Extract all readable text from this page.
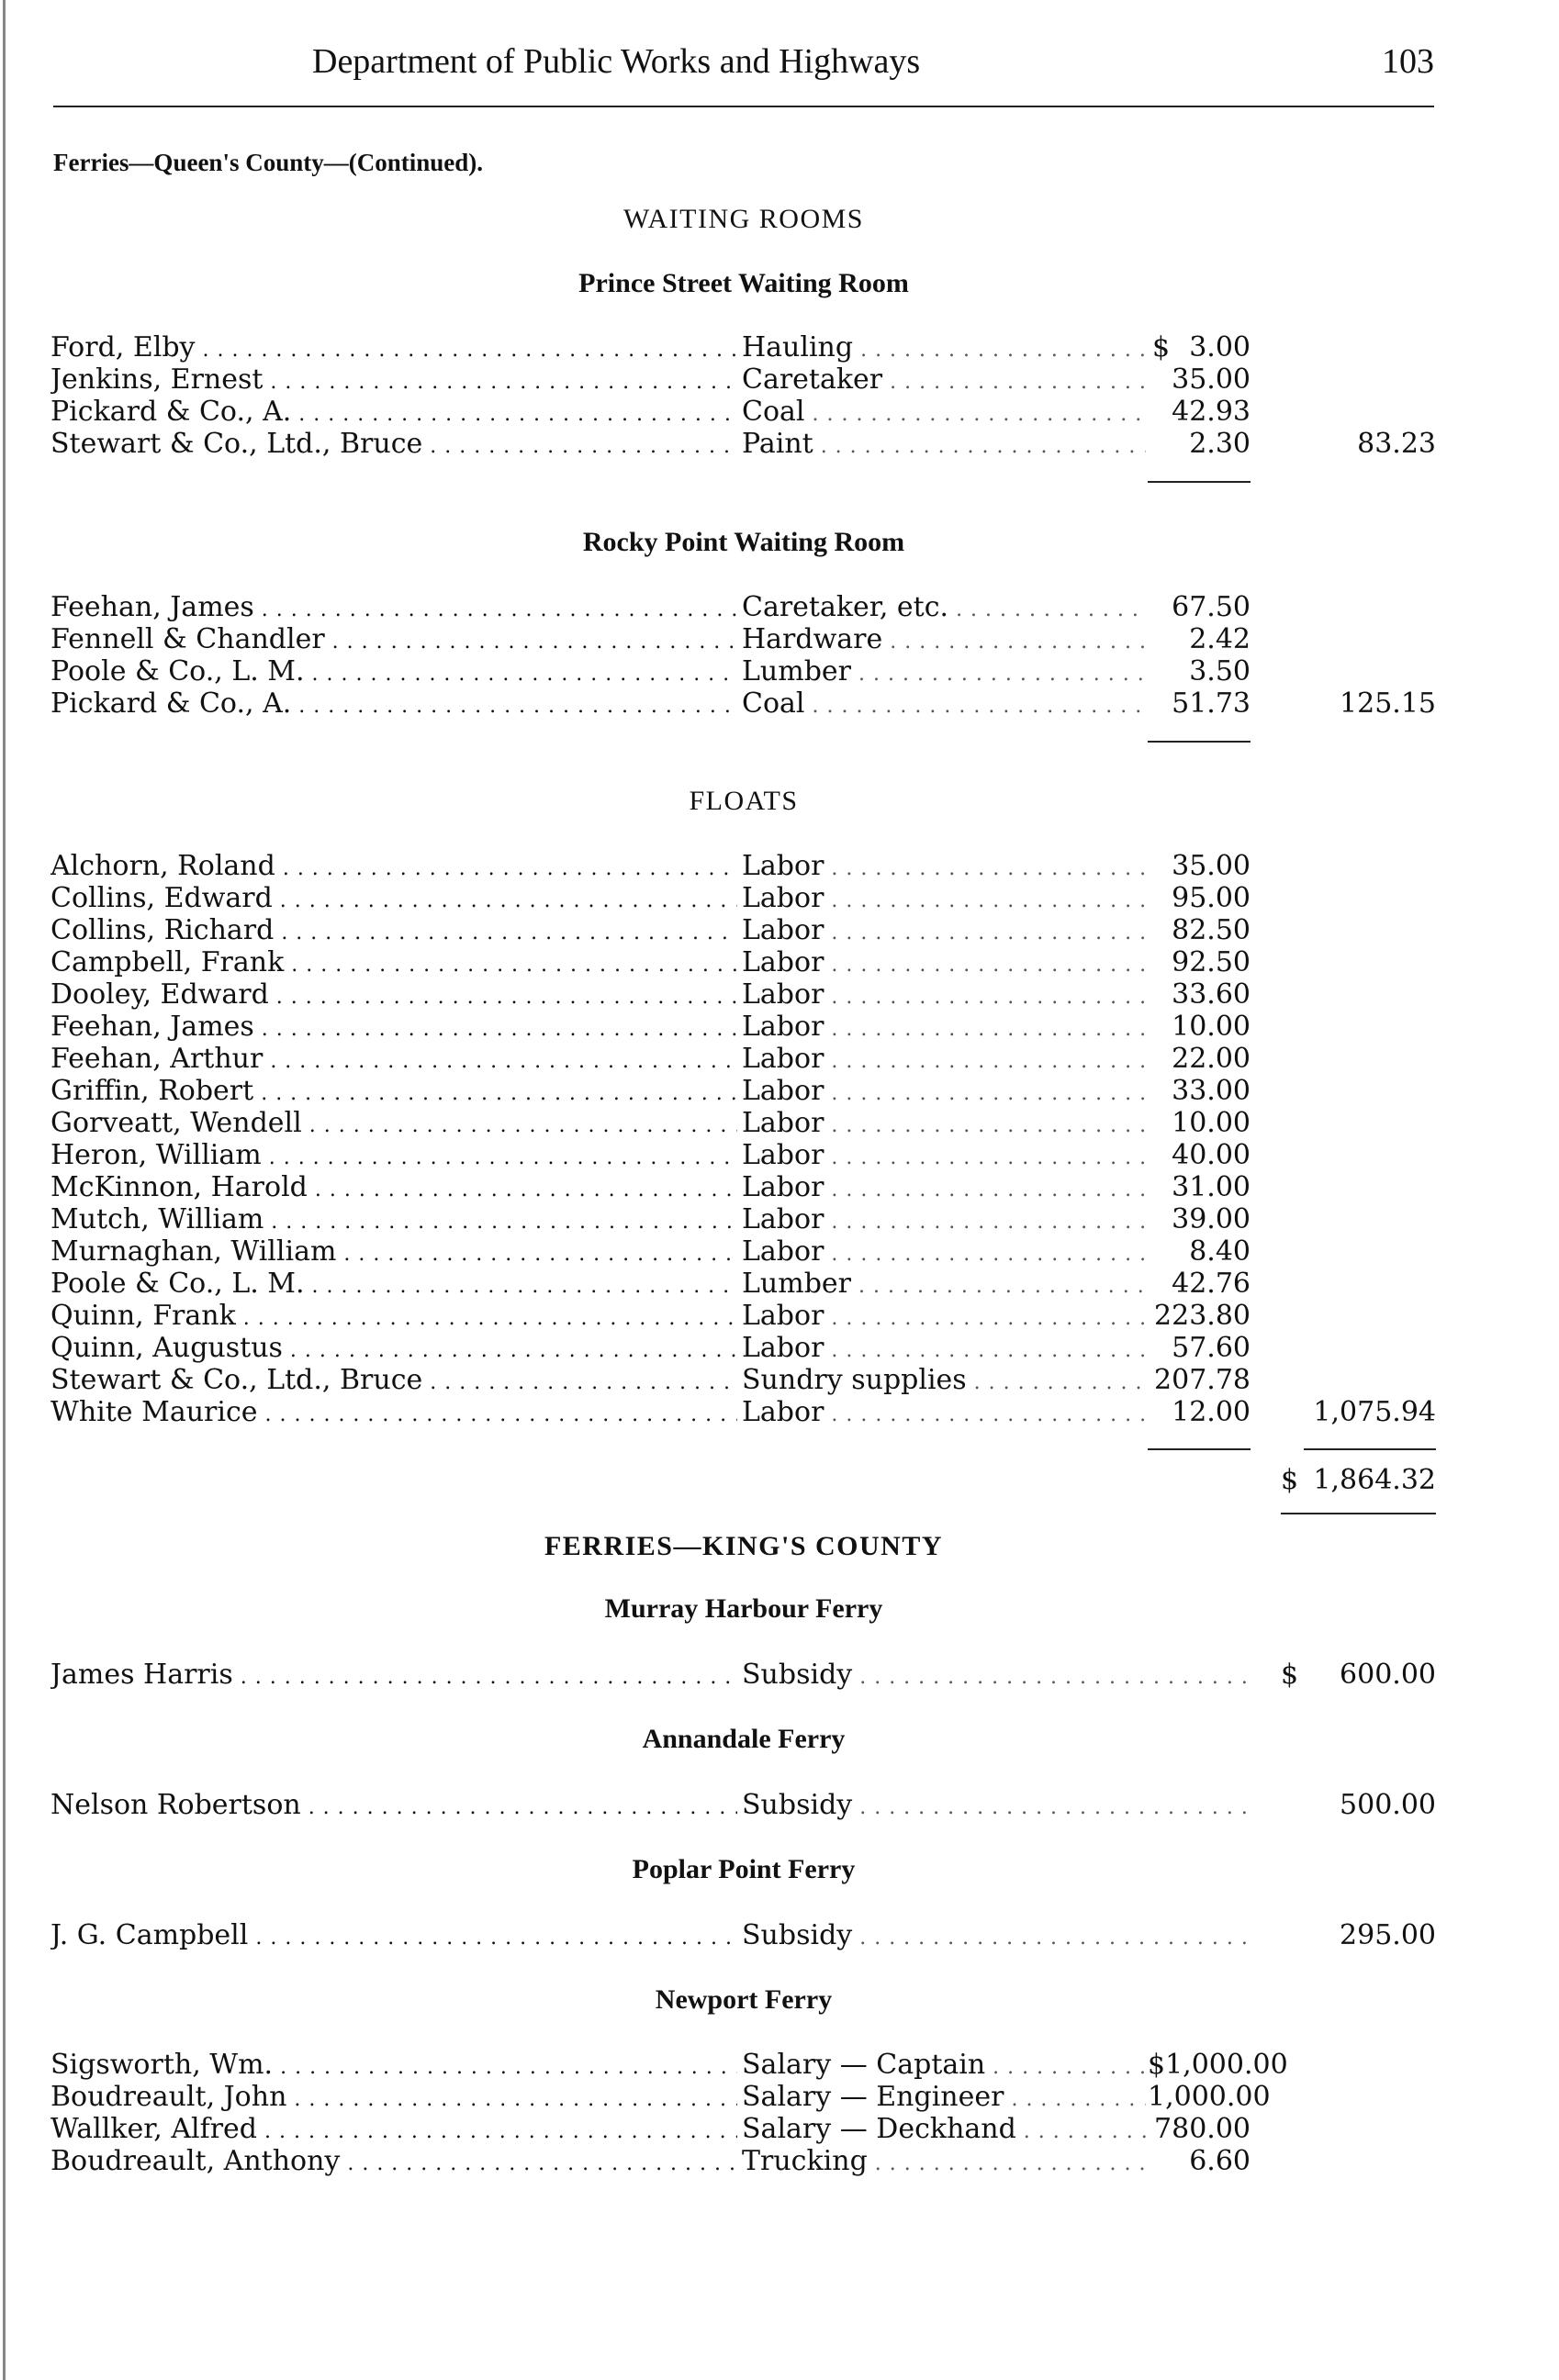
Department of Public Works and Highways	103
Ferries—Queen's County—(Continued).
WAITING ROOMS
Prince Street Waiting Room
Ford, Elby . . .	Hauling . . .	$ 3.00
Jenkins, Ernest . . .	Caretaker . . .	35.00
Pickard & Co., A. . . .	Coal . . .	42.93
Stewart & Co., Ltd., Bruce . . .	Paint . . .	2.30	83.23
Rocky Point Waiting Room
Feehan, James . . .	Caretaker, etc. . . .	67.50
Fennell & Chandler . . .	Hardware . . .	2.42
Poole & Co., L. M. . . .	Lumber . . .	3.50
Pickard & Co., A. . . .	Coal . . .	51.73	125.15
FLOATS
Alchorn, Roland . . .	Labor . . .	35.00
Collins, Edward . . .	Labor . . .	95.00
Collins, Richard . . .	Labor . . .	82.50
Campbell, Frank . . .	Labor . . .	92.50
Dooley, Edward . . .	Labor . . .	33.60
Feehan, James . . .	Labor . . .	10.00
Feehan, Arthur . . .	Labor . . .	22.00
Griffin, Robert . . .	Labor . . .	33.00
Gorveatt, Wendell . . .	Labor . . .	10.00
Heron, William . . .	Labor . . .	40.00
McKinnon, Harold . . .	Labor . . .	31.00
Mutch, William . . .	Labor . . .	39.00
Murnaghan, William . . .	Labor . . .	8.40
Poole & Co., L. M. . . .	Lumber . . .	42.76
Quinn, Frank . . .	Labor . . .	223.80
Quinn, Augustus . . .	Labor . . .	57.60
Stewart & Co., Ltd., Bruce . . .	Sundry supplies . . .	207.78
White Maurice . . .	Labor . . .	12.00	1,075.94
$ 1,864.32
FERRIES—KING'S COUNTY
Murray Harbour Ferry
James Harris . . .	Subsidy . . .	$	600.00
Annandale Ferry
Nelson Robertson . . .	Subsidy . . .	500.00
Poplar Point Ferry
J. G. Campbell . . .	Subsidy . . .	295.00
Newport Ferry
Sigsworth, Wm. . . .	Salary — Captain . . .	$1,000.00
Boudreault, John . . .	Salary — Engineer . . .	1,000.00
Wallker, Alfred . . .	Salary — Deckhand . . .	780.00
Boudreault, Anthony . . .	Trucking . . .	6.60
